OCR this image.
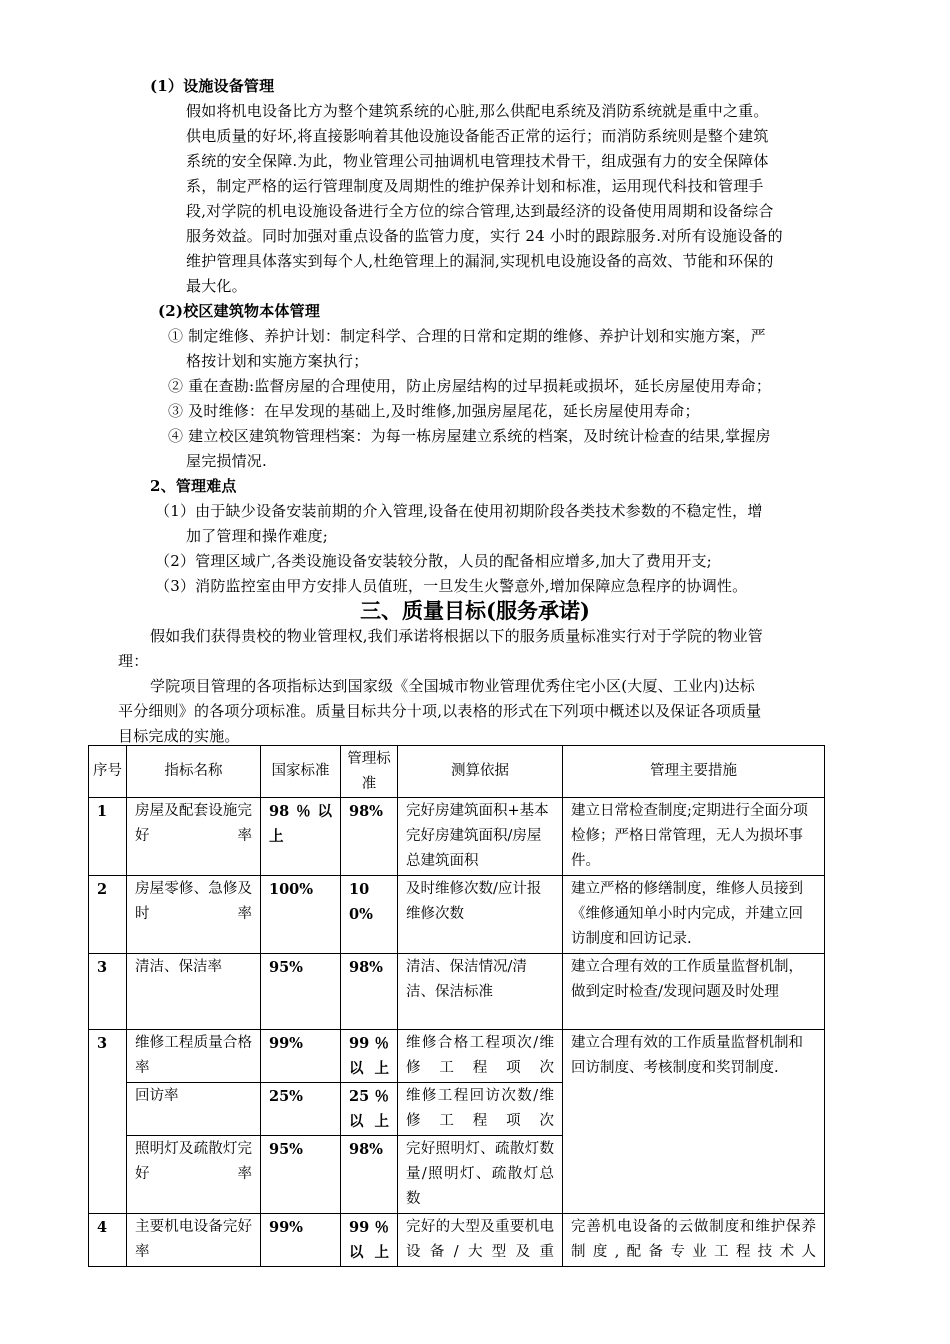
(1）设施设备管理
假如将机电设备比方为整个建筑系统的心脏,那么供配电系统及消防系统就是重中之重。
供电质量的好坏,将直接影响着其他设施设备能否正常的运行；而消防系统则是整个建筑
系统的安全保障.为此，物业管理公司抽调机电管理技术骨干，组成强有力的安全保障体
系，制定严格的运行管理制度及周期性的维护保养计划和标准，运用现代科技和管理手
段,对学院的机电设施设备进行全方位的综合管理,达到最经济的设备使用周期和设备综合
服务效益。同时加强对重点设备的监管力度，实行 24 小时的跟踪服务.对所有设施设备的
维护管理具体落实到每个人,杜绝管理上的漏洞,实现机电设施设备的高效、节能和环保的
最大化。
(2)校区建筑物本体管理
① 制定维修、养护计划：制定科学、合理的日常和定期的维修、养护计划和实施方案，严
格按计划和实施方案执行；
② 重在查勘:监督房屋的合理使用，防止房屋结构的过早损耗或损坏，延长房屋使用寿命；
③ 及时维修：在早发现的基础上,及时维修,加强房屋尾花，延长房屋使用寿命；
④ 建立校区建筑物管理档案：为每一栋房屋建立系统的档案，及时统计检查的结果,掌握房
屋完损情况.
2、管理难点
（1）由于缺少设备安装前期的介入管理,设备在使用初期阶段各类技术参数的不稳定性，增
加了管理和操作难度;
（2）管理区域广,各类设施设备安装较分散，人员的配备相应增多,加大了费用开支;
（3）消防监控室由甲方安排人员值班，一旦发生火警意外,增加保障应急程序的协调性。
三、质量目标(服务承诺)
假如我们获得贵校的物业管理权,我们承诺将根据以下的服务质量标准实行对于学院的物业管
理：
学院项目管理的各项指标达到国家级《全国城市物业管理优秀住宅小区(大厦、工业内)达标
平分细则》的各项分项标准。质量目标共分十项,以表格的形式在下列项中概述以及保证各项质量
目标完成的实施。
序号	指标名称	国家标准	管理标准	测算依据	管理主要措施
1	房屋及配套设施完好率	98％以上	98%	完好房建筑面积+基本完好房建筑面积/房屋总建筑面积	建立日常检查制度;定期进行全面分项检修；严格日常管理，无人为损坏事件。
2	房屋零修、急修及时率	100%	100%	及时维修次数/应计报维修次数	建立严格的修缮制度，维修人员接到《维修通知单小时内完成，并建立回访制度和回访记录.
3	清洁、保洁率	95%	98%	清洁、保洁情况/清洁、保洁标准	建立合理有效的工作质量监督机制，做到定时检查/发现问题及时处理
3	维修工程质量合格率	99%	99％以上	维修合格工程项次/维修工程项次	建立合理有效的工作质量监督机制和回访制度、考核制度和奖罚制度.
	回访率	25%	25％以上	维修工程回访次数/维修工程项次	
	照明灯及疏散灯完好率	95%	98%	完好照明灯、疏散灯数量/照明灯、疏散灯总数	
4	主要机电设备完好率	99%	99％以上	完好的大型及重要机电设备/大型及重	完善机电设备的云做制度和维护保养制度,配备专业工程技术人
